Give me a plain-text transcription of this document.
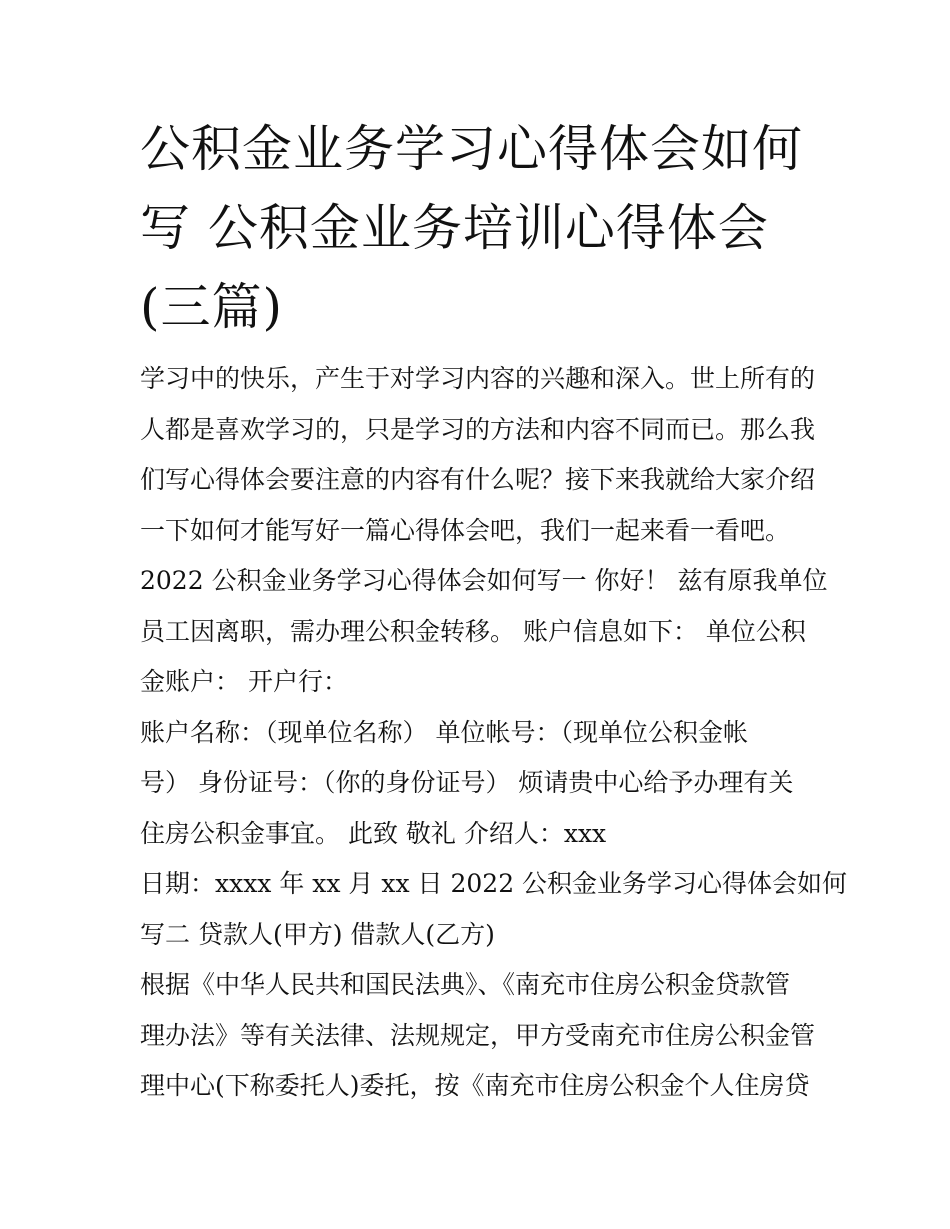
公积金业务学习心得体会如何
写 公积金业务培训心得体会
(三篇)

学习中的快乐，产生于对学习内容的兴趣和深入。世上所有的
人都是喜欢学习的，只是学习的方法和内容不同而已。那么我
们写心得体会要注意的内容有什么呢？接下来我就给大家介绍
一下如何才能写好一篇心得体会吧，我们一起来看一看吧。

2022 公积金业务学习心得体会如何写一 你好！ 兹有原我单位
员工因离职，需办理公积金转移。 账户信息如下： 单位公积
金账户： 开户行：

账户名称：（现单位名称） 单位帐号：（现单位公积金帐
号） 身份证号：（你的身份证号） 烦请贵中心给予办理有关
住房公积金事宜。 此致 敬礼 介绍人：xxx

日期：xxxx 年 xx 月 xx 日 2022 公积金业务学习心得体会如何
写二 贷款人(甲方) 借款人(乙方)

根据《中华人民共和国民法典》、《南充市住房公积金贷款管
理办法》等有关法律、法规规定，甲方受南充市住房公积金管
理中心(下称委托人)委托，按《南充市住房公积金个人住房贷
